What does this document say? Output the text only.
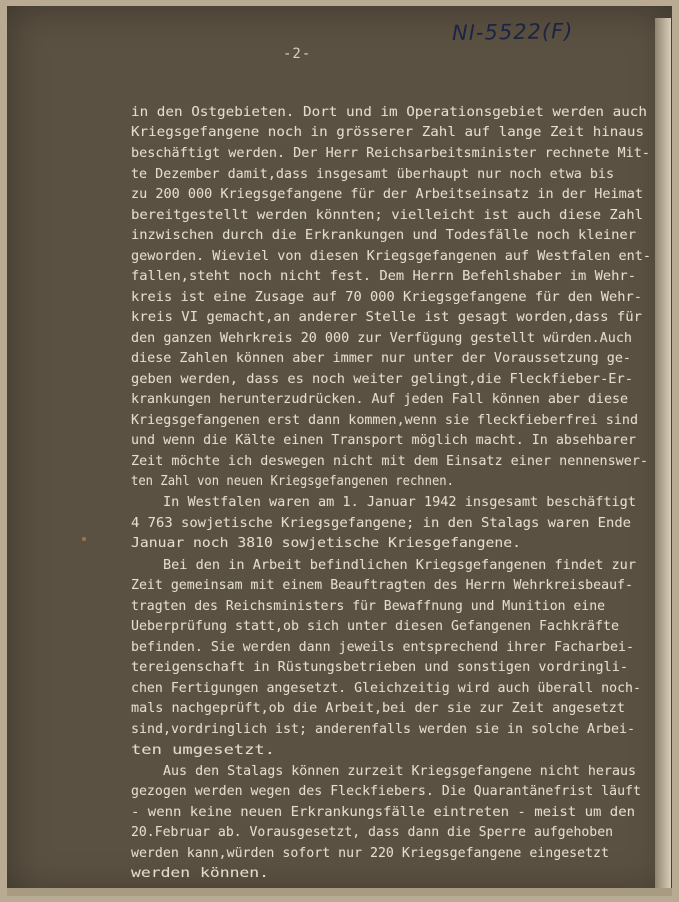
-2-
NI-5522(F)
in den Ostgebieten. Dort und im Operationsgebiet werden auch
Kriegsgefangene noch in grösserer Zahl auf lange Zeit hinaus
beschäftigt werden. Der Herr Reichsarbeitsminister rechnete Mit-
te Dezember damit,dass insgesamt überhaupt nur noch etwa bis
zu 200 000 Kriegsgefangene für der Arbeitseinsatz in der Heimat
bereitgestellt werden könnten; vielleicht ist auch diese Zahl
inzwischen durch die Erkrankungen und Todesfälle noch kleiner
geworden. Wieviel von diesen Kriegsgefangenen auf Westfalen ent-
fallen,steht noch nicht fest. Dem Herrn Befehlshaber im Wehr-
kreis ist eine Zusage auf 70 000 Kriegsgefangene für den Wehr-
kreis VI gemacht,an anderer Stelle ist gesagt worden,dass für
den ganzen Wehrkreis 20 000 zur Verfügung gestellt würden.Auch
diese Zahlen können aber immer nur unter der Voraussetzung ge-
geben werden, dass es noch weiter gelingt,die Fleckfieber-Er-
krankungen herunterzudrücken. Auf jeden Fall können aber diese
Kriegsgefangenen erst dann kommen,wenn sie fleckfieberfrei sind
und wenn die Kälte einen Transport möglich macht. In absehbarer
Zeit möchte ich deswegen nicht mit dem Einsatz einer nennenswer-
ten Zahl von neuen Kriegsgefangenen rechnen.
In Westfalen waren am 1. Januar 1942 insgesamt beschäftigt
4 763 sowjetische Kriegsgefangene; in den Stalags waren Ende
Januar noch 3810 sowjetische Kriesgefangene.
Bei den in Arbeit befindlichen Kriegsgefangenen findet zur
Zeit gemeinsam mit einem Beauftragten des Herrn Wehrkreisbeauf-
tragten des Reichsministers für Bewaffnung und Munition eine
Ueberprüfung statt,ob sich unter diesen Gefangenen Fachkräfte
befinden. Sie werden dann jeweils entsprechend ihrer Facharbei-
tereigenschaft in Rüstungsbetrieben und sonstigen vordringli-
chen Fertigungen angesetzt. Gleichzeitig wird auch überall noch-
mals nachgeprüft,ob die Arbeit,bei der sie zur Zeit angesetzt
sind,vordringlich ist; anderenfalls werden sie in solche Arbei-
ten umgesetzt.
Aus den Stalags können zurzeit Kriegsgefangene nicht heraus
gezogen werden wegen des Fleckfiebers. Die Quarantänefrist läuft
- wenn keine neuen Erkrankungsfälle eintreten - meist um den
20.Februar ab. Vorausgesetzt, dass dann die Sperre aufgehoben
werden kann,würden sofort nur 220 Kriegsgefangene eingesetzt
werden können.
